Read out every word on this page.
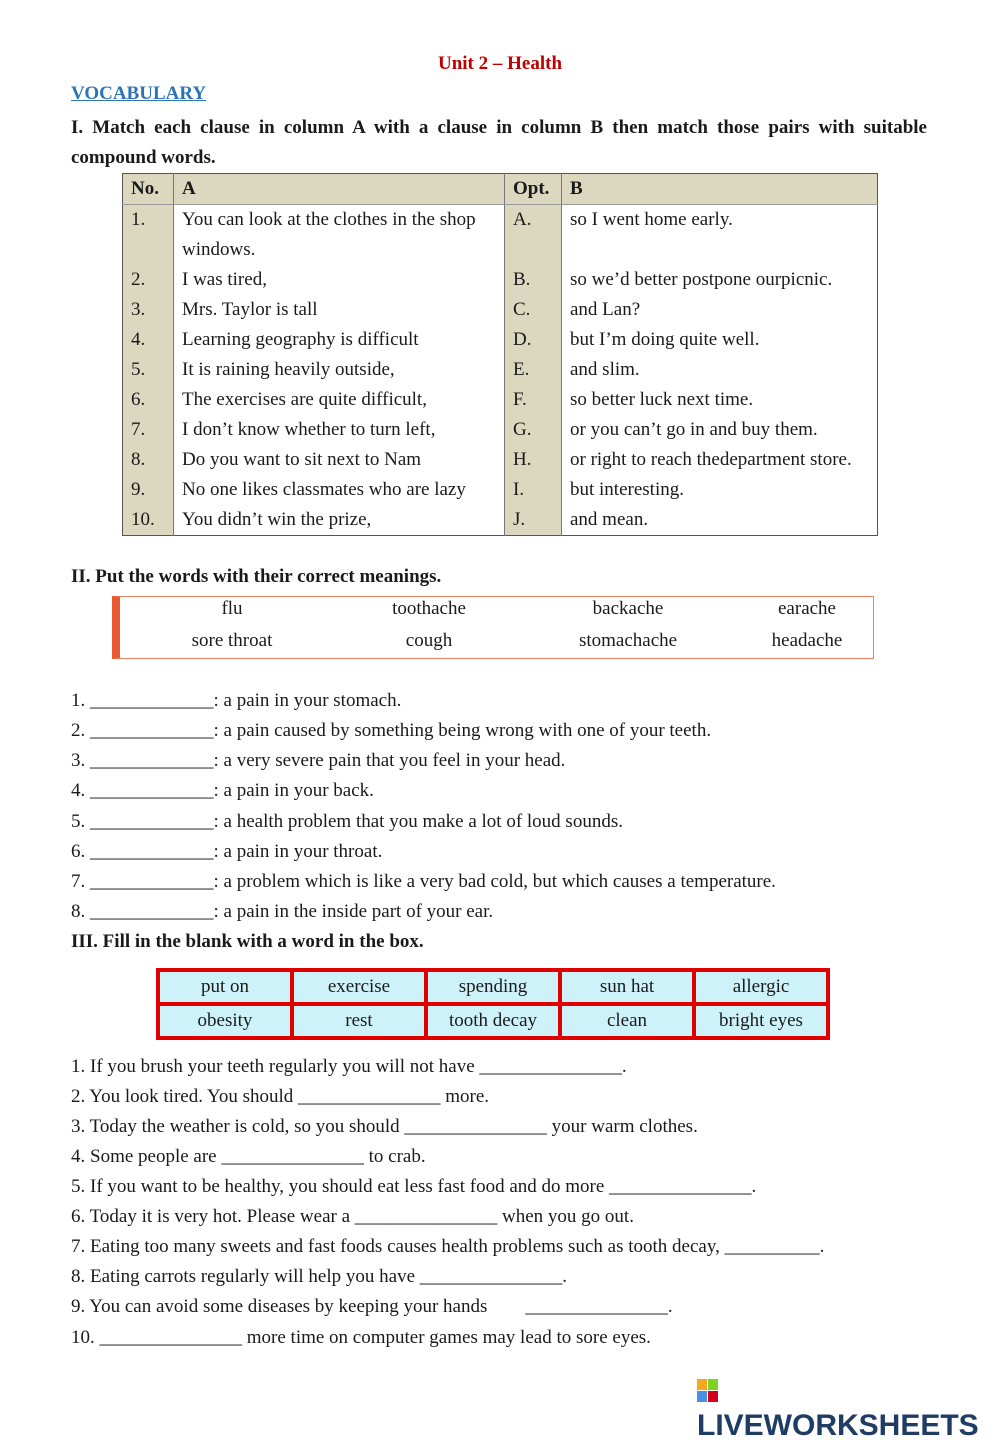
Unit 2 – Health
VOCABULARY
I. Match each clause in column A with a clause in column B then match those pairs with suitable compound words.
No.	A	Opt.	B
1.	You can look at the clothes in the shop windows.	A.	so I went home early.
2.	I was tired,	B.	so we’d better postpone ourpicnic.
3.	Mrs. Taylor is tall	C.	and Lan?
4.	Learning geography is difficult	D.	but I’m doing quite well.
5.	It is raining heavily outside,	E.	and slim.
6.	The exercises are quite difficult,	F.	so better luck next time.
7.	I don’t know whether to turn left,	G.	or you can’t go in and buy them.
8.	Do you want to sit next to Nam	H.	or right to reach thedepartment store.
9.	No one likes classmates who are lazy	I.	but interesting.
10.	You didn’t win the prize,	J.	and mean.
II. Put the words with their correct meanings.
flu	toothache	backache	earache
sore throat	cough	stomachache	headache
1. _____________: a pain in your stomach.
2. _____________: a pain caused by something being wrong with one of your teeth.
3. _____________: a very severe pain that you feel in your head.
4. _____________: a pain in your back.
5. _____________: a health problem that you make a lot of loud sounds.
6. _____________: a pain in your throat.
7. _____________: a problem which is like a very bad cold, but which causes a temperature.
8. _____________: a pain in the inside part of your ear.
III. Fill in the blank with a word in the box.
put on	exercise	spending	sun hat	allergic
obesity	rest	tooth decay	clean	bright eyes
1. If you brush your teeth regularly you will not have _______________.
2. You look tired. You should _______________ more.
3. Today the weather is cold, so you should _______________ your warm clothes.
4. Some people are _______________ to crab.
5. If you want to be healthy, you should eat less fast food and do more _______________.
6. Today it is very hot. Please wear a _______________ when you go out.
7. Eating too many sweets and fast foods causes health problems such as tooth decay, __________.
8. Eating carrots regularly will help you have _______________.
9. You can avoid some diseases by keeping your hands        _______________.
10. _______________ more time on computer games may lead to sore eyes.
LIVEWORKSHEETS
